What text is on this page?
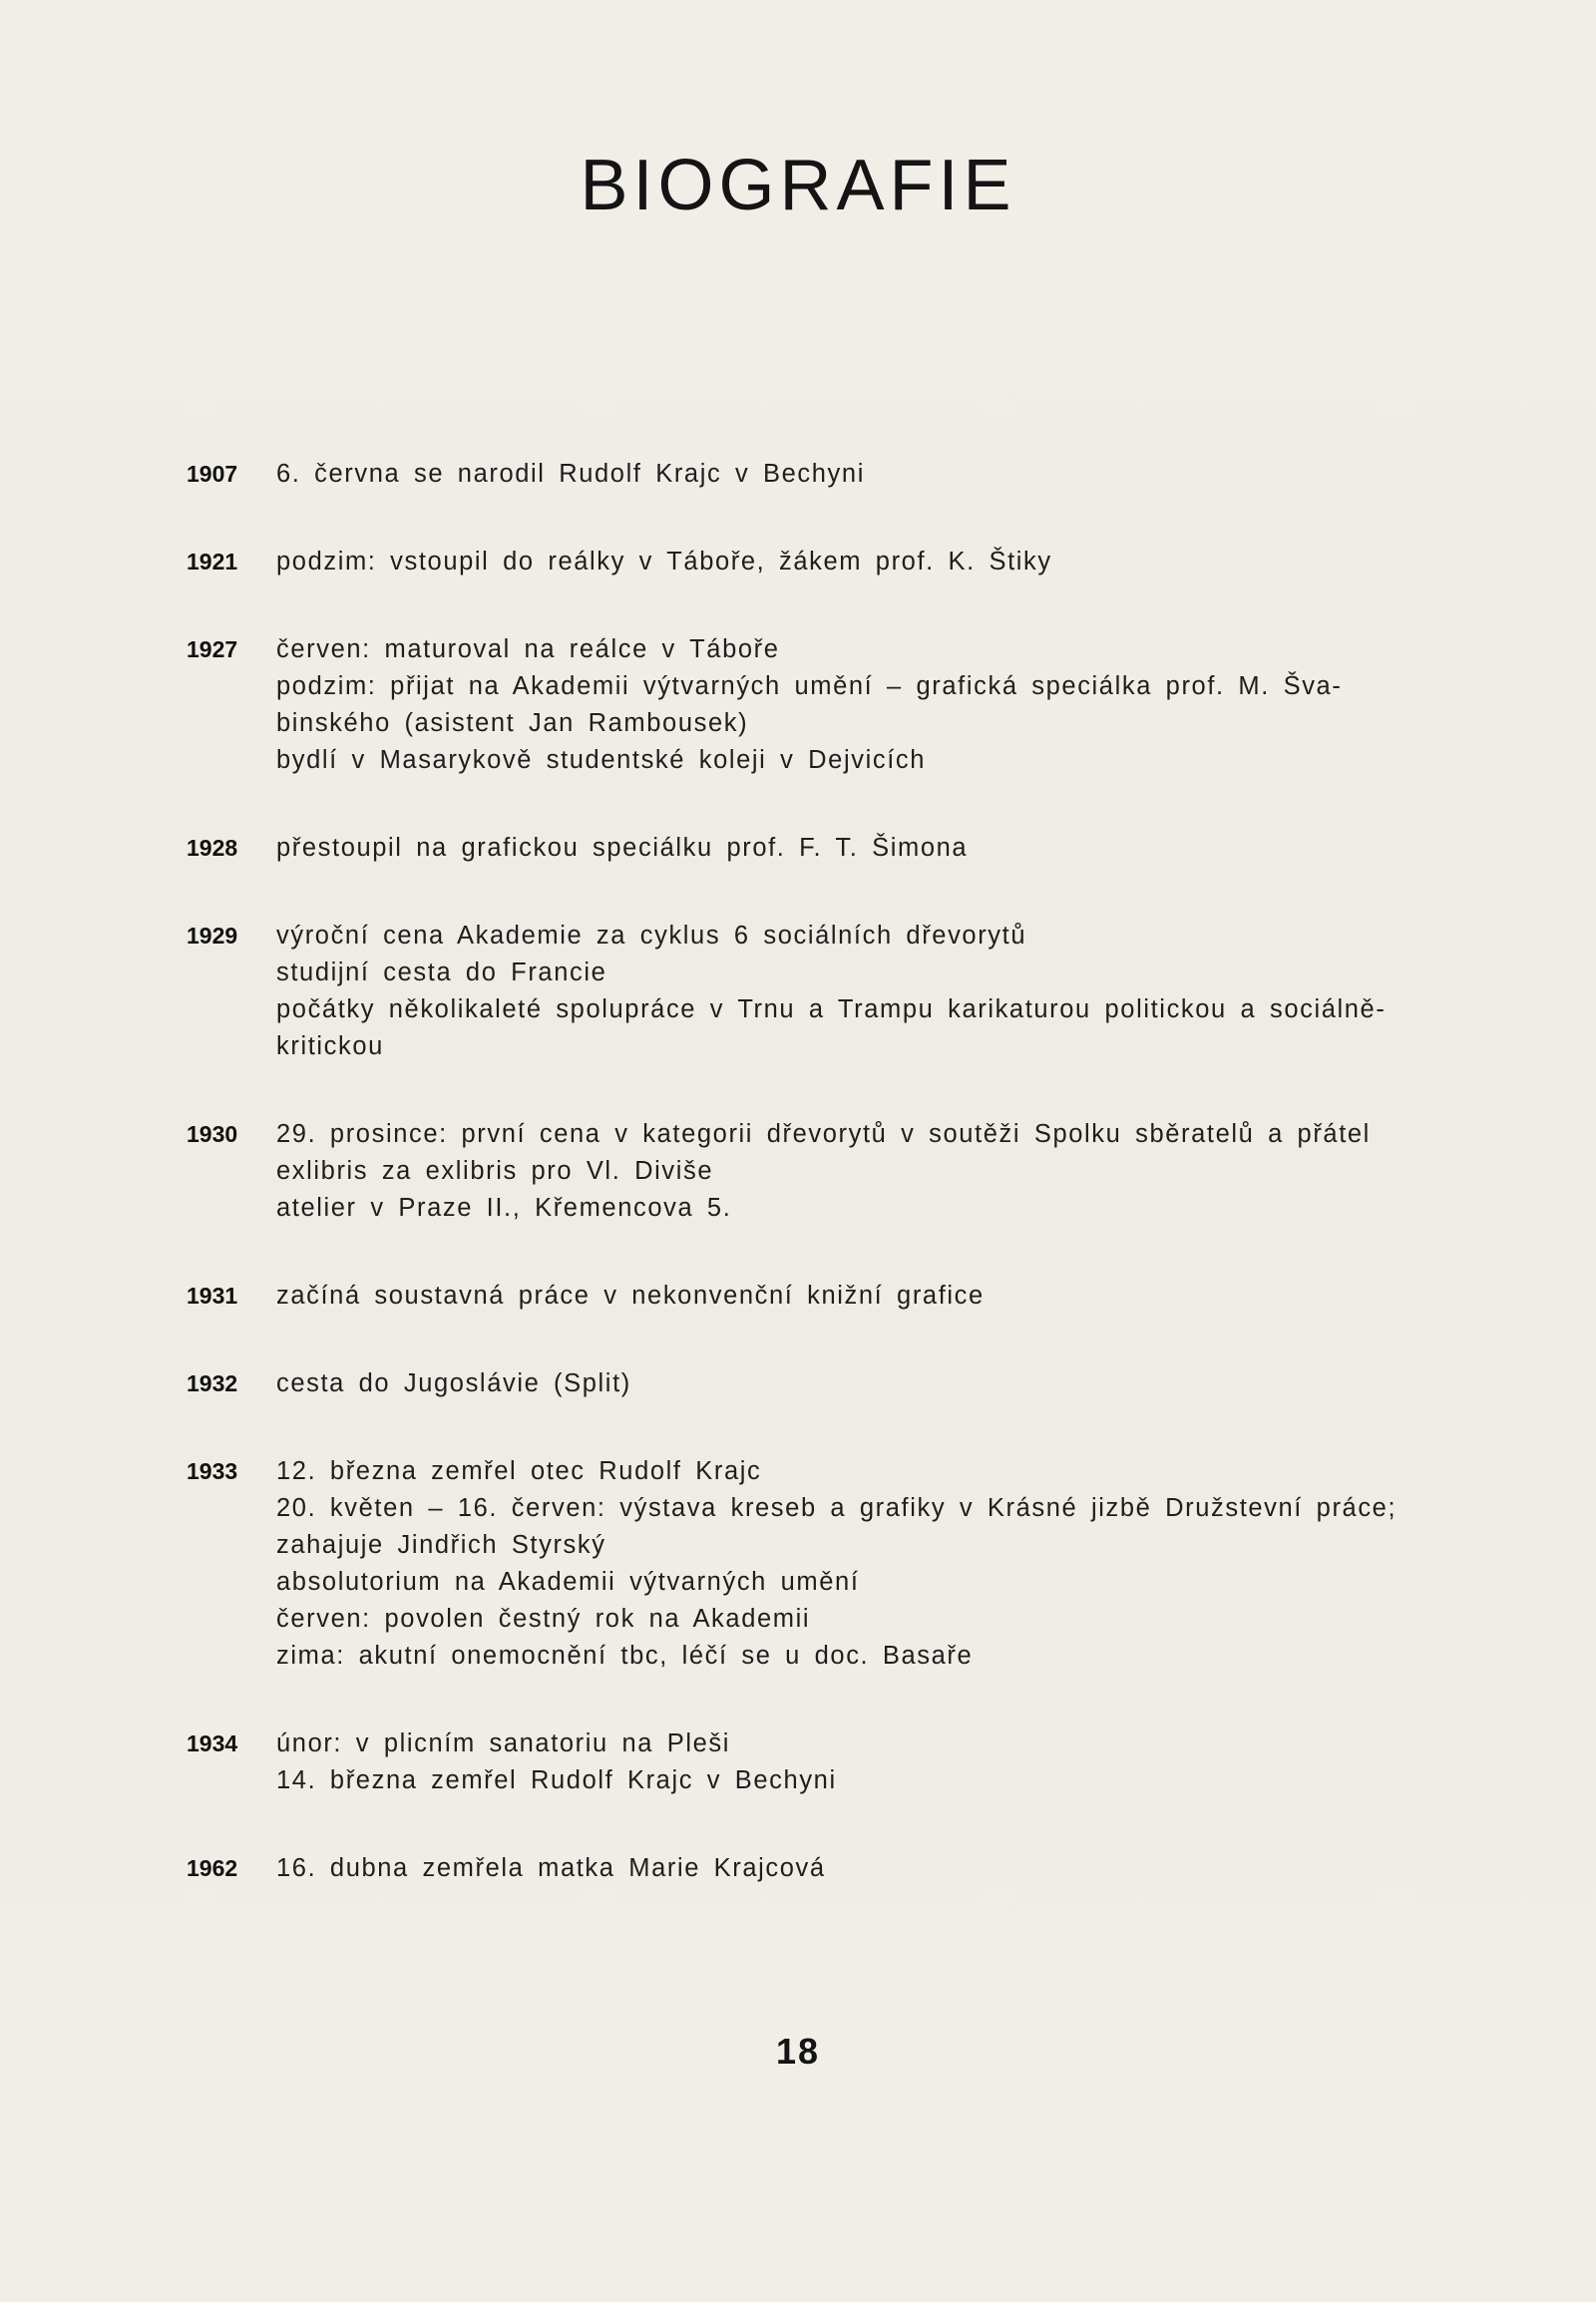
BIOGRAFIE
1907	6. června se narodil Rudolf Krajc v Bechyni
1921	podzim: vstoupil do reálky v Táboře, žákem prof. K. Štiky
1927	červen: maturoval na reálce v Táboře
podzim: přijat na Akademii výtvarných umění – grafická speciálka prof. M. Šva-
binského (asistent Jan Rambousek)
bydlí v Masarykově studentské koleji v Dejvicích
1928	přestoupil na grafickou speciálku prof. F. T. Šimona
1929	výroční cena Akademie za cyklus 6 sociálních dřevorytů
studijní cesta do Francie
počátky několikaleté spolupráce v Trnu a Trampu karikaturou politickou a sociálně-
kritickou
1930	29. prosince: první cena v kategorii dřevorytů v soutěži Spolku sběratelů a přátel
exlibris za exlibris pro Vl. Diviše
atelier v Praze II., Křemencova 5.
1931	začíná soustavná práce v nekonvenční knižní grafice
1932	cesta do Jugoslávie (Split)
1933	12. března zemřel otec Rudolf Krajc
20. květen – 16. červen: výstava kreseb a grafiky v Krásné jizbě Družstevní práce;
zahajuje Jindřich Styrský
absolutorium na Akademii výtvarných umění
červen: povolen čestný rok na Akademii
zima: akutní onemocnění tbc, léčí se u doc. Basaře
1934	únor: v plicním sanatoriu na Pleši
14. března zemřel Rudolf Krajc v Bechyni
1962	16. dubna zemřela matka Marie Krajcová
18
